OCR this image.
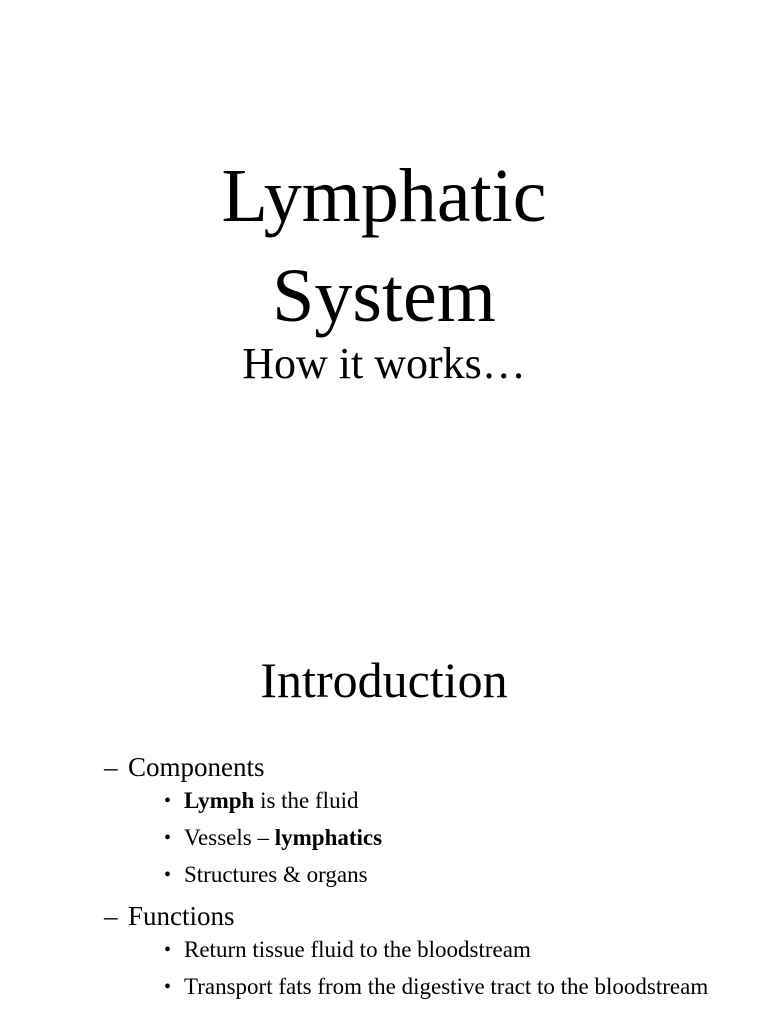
Lymphatic
System

How it works…

Introduction
– Components
• Lymph is the fluid
• Vessels – lymphatics
• Structures & organs
– Functions
• Return tissue fluid to the bloodstream
• Transport fats from the digestive tract to the bloodstream
